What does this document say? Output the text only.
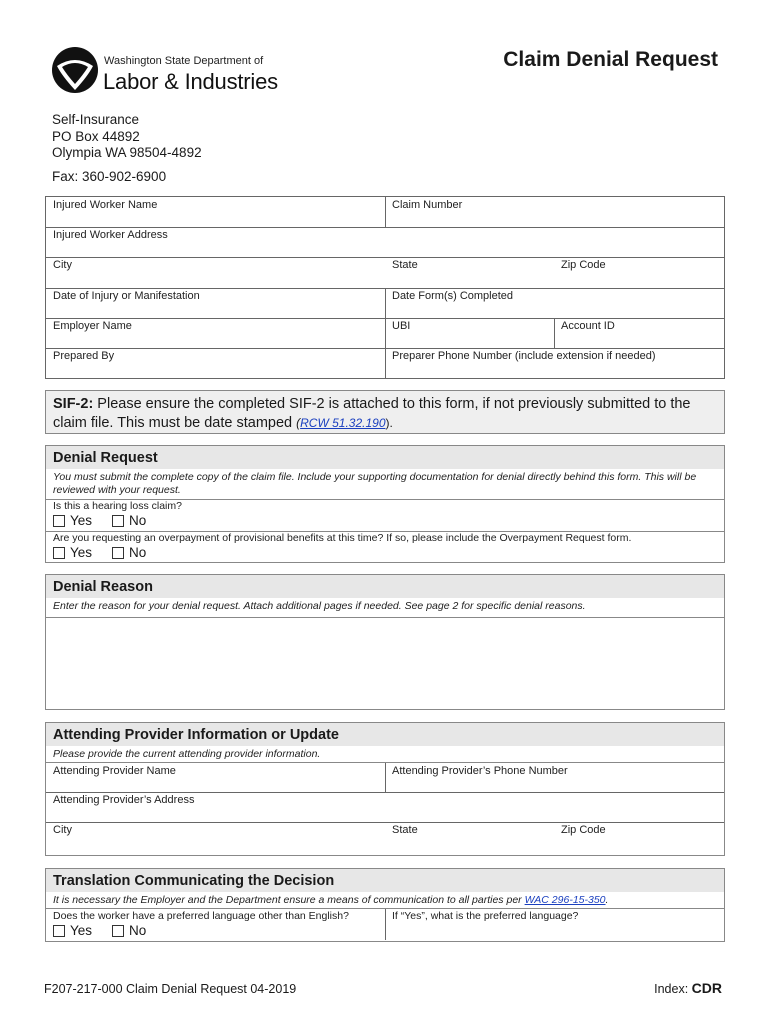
Washington State Department of
Labor & Industries
Claim Denial Request
Self-Insurance
PO Box 44892
Olympia WA 98504-4892
Fax: 360-902-6900
Injured Worker Name	Claim Number
Injured Worker Address
City	State	Zip Code
Date of Injury or Manifestation	Date Form(s) Completed
Employer Name	UBI	Account ID
Prepared By	Preparer Phone Number (include extension if needed)
SIF-2: Please ensure the completed SIF-2 is attached to this form, if not previously submitted to the claim file. This must be date stamped (RCW 51.32.190).
Denial Request
You must submit the complete copy of the claim file. Include your supporting documentation for denial directly behind this form. This will be reviewed with your request.
Is this a hearing loss claim?
Yes	No
Are you requesting an overpayment of provisional benefits at this time? If so, please include the Overpayment Request form.
Yes	No
Denial Reason
Enter the reason for your denial request. Attach additional pages if needed. See page 2 for specific denial reasons.
Attending Provider Information or Update
Please provide the current attending provider information.
Attending Provider Name	Attending Provider’s Phone Number
Attending Provider’s Address
City	State	Zip Code
Translation Communicating the Decision
It is necessary the Employer and the Department ensure a means of communication to all parties per WAC 296-15-350.
Does the worker have a preferred language other than English?
Yes	No
If “Yes”, what is the preferred language?
F207-217-000 Claim Denial Request 04-2019	Index: CDR
